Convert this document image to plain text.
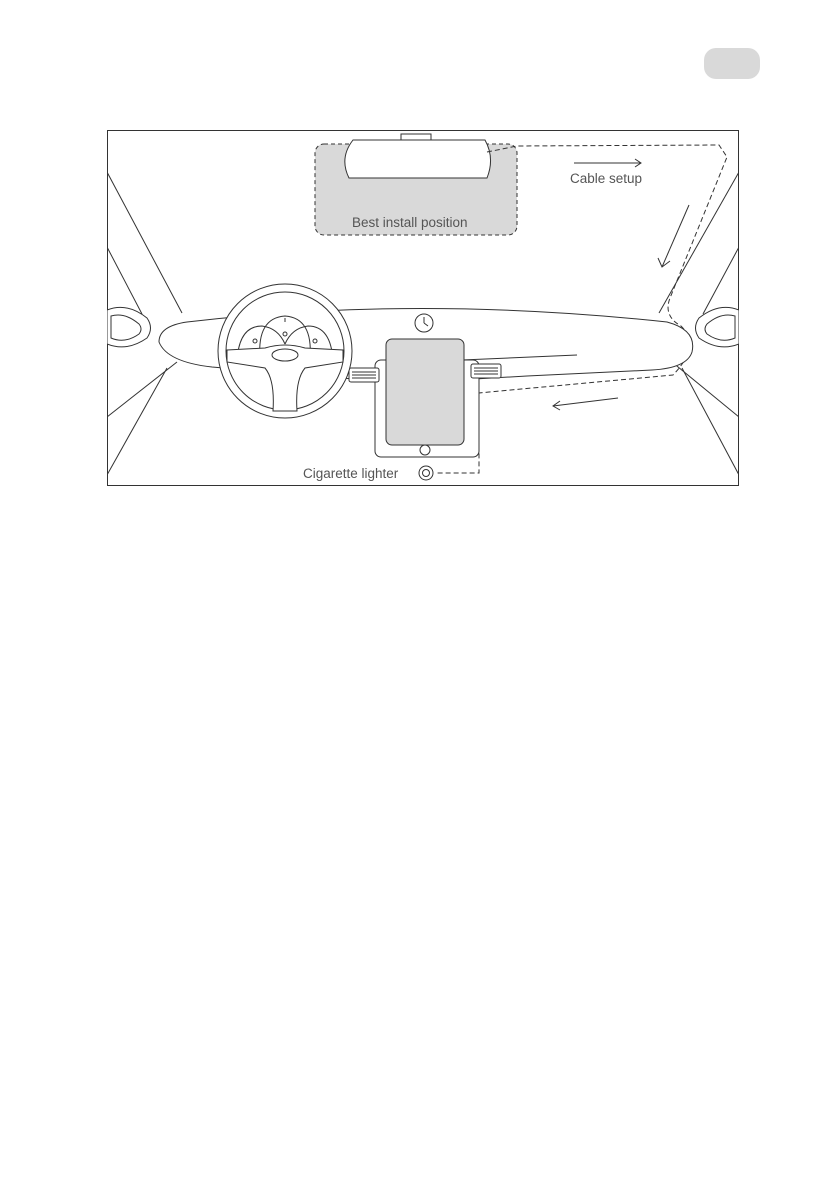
Best install position
Cable setup
Cigarette lighter
